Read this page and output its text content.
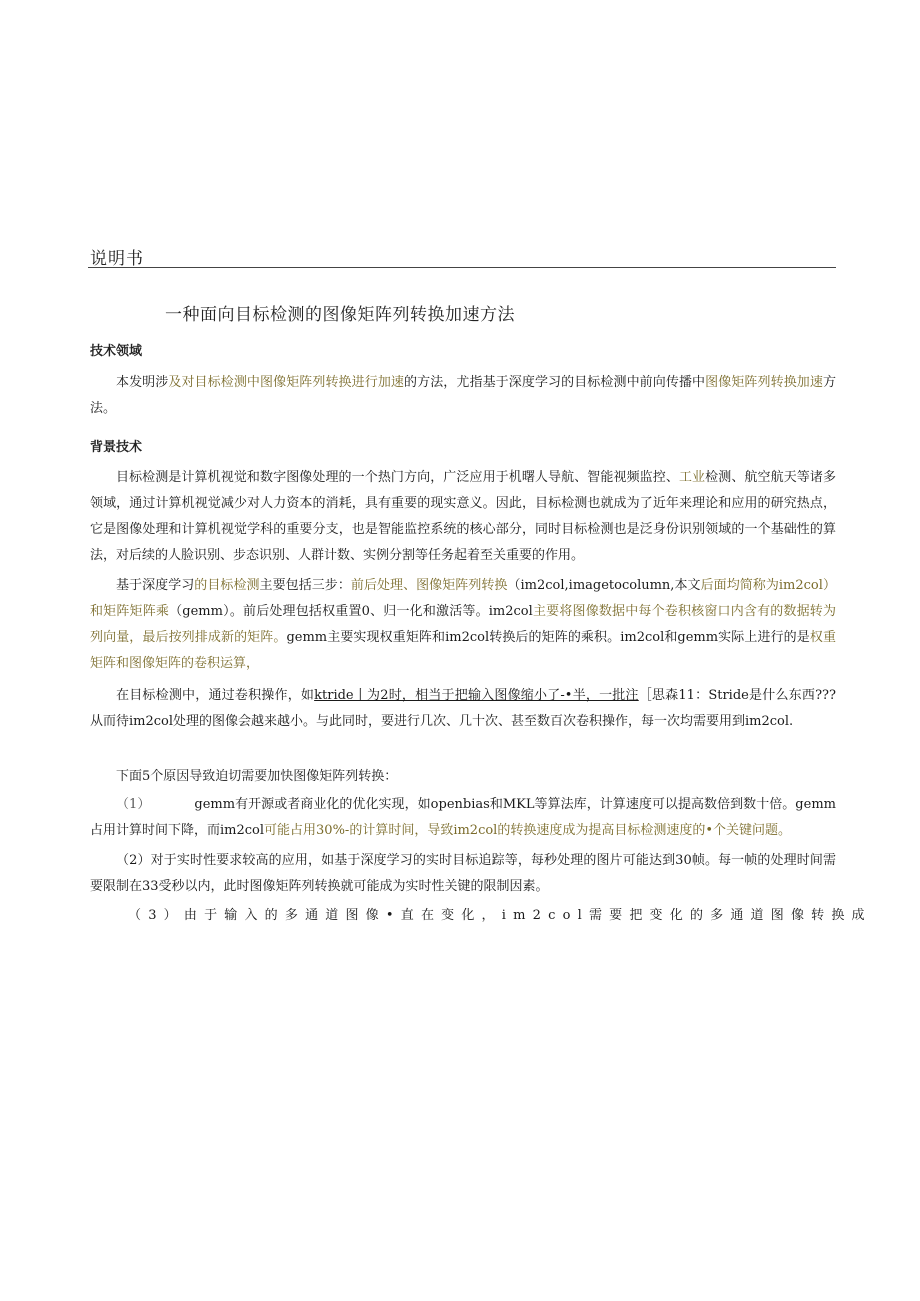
说明书
一种面向目标检测的图像矩阵列转换加速方法
技术领域

本发明涉及对目标检测中图像矩阵列转换进行加速的方法，尤指基于深度学习的目标检测中前向传播中图像矩阵列转换加速方法。

背景技术

目标检测是计算机视觉和数字图像处理的一个热门方向，广泛应用于机曙人导航、智能视频监控、工业检测、航空航天等诸多领域，通过计算机视觉减少对人力资本的消耗，具有重要的现实意义。因此，目标检测也就成为了近年来理论和应用的研究热点，它是图像处理和计算机视觉学科的重要分支，也是智能监控系统的核心部分，同时目标检测也是泛身份识别领域的一个基础性的算法，对后续的人脸识别、步态识别、人群计数、实例分割等任务起着至关重要的作用。

基于深度学习的目标检测主要包括三步：前后处理、图像矩阵列转换（im2col,imagetocolumn,本文后面均简称为im2col）和矩阵矩阵乘（gemm）。前后处理包括权重置0、归一化和激活等。im2col主要将图像数据中每个卷积核窗口内含有的数据转为列向量，最后按列排成新的矩阵。gemm主要实现权重矩阵和im2col转换后的矩阵的乘积。im2col和gemm实际上进行的是权重矩阵和图像矩阵的卷积运算，

在目标检测中，通过卷积操作，如ktride丨为2时，相当于把输入图像缩小了-•半，一批注［思森11：Stride是什么东西???从而待im2col处理的图像会越来越小。与此同时，要进行几次、几十次、甚至数百次卷积操作，每一次均需要用到im2col.

下面5个原因导致迫切需要加快图像矩阵列转换：

（1）	gemm有开源或者商业化的优化实现，如openbias和MKL等算法库，计算速度可以提高数倍到数十倍。gemm占用计算时间下降，而im2col可能占用30%-的计算时间，导致im2col的转换速度成为提高目标检测速度的•个关键问题。

（2）对于实时性要求较高的应用，如基于深度学习的实时目标追踪等，每秒处理的图片可能达到30帧。每一帧的处理时间需要限制在33受秒以内，此时图像矩阵列转换就可能成为实时性关键的限制因素。

（3）由于输入的多通道图像•直在变化，im2col需要把变化的多通道图像转换成
